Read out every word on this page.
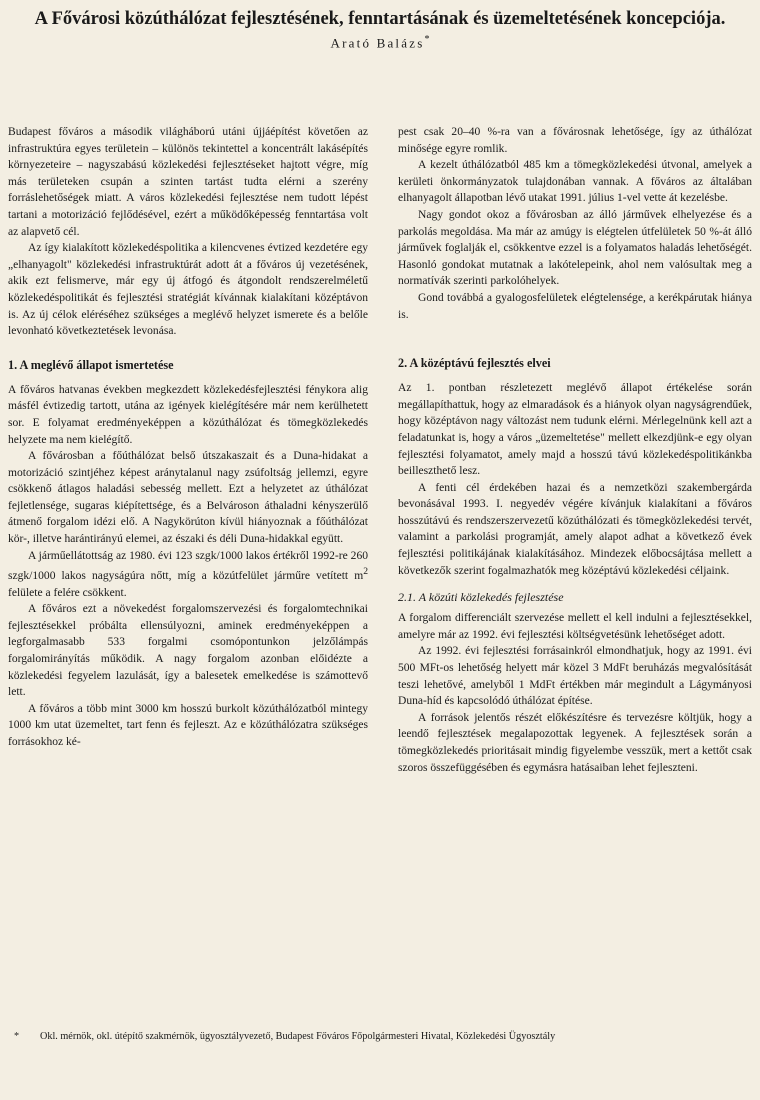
A Fővárosi közúthálózat fejlesztésének, fenntartásának és üzemeltetésének koncepciója.
Arató Balázs*

Budapest főváros a második világháború utáni újjáépítést követően az infrastruktúra egyes területein – különös tekintettel a koncentrált lakásépítés környezeteire – nagyszabású közlekedési fejlesztéseket hajtott végre, míg más területeken csupán a szinten tartást tudta elérni a szerény forráslehetőségek miatt. A város közlekedési fejlesztése nem tudott lépést tartani a motorizáció fejlődésével, ezért a működőképesség fenntartása volt az alapvető cél.

Az így kialakított közlekedéspolitika a kilencvenes évtized kezdetére egy „elhanyagolt" közlekedési infrastruktúrát adott át a főváros új vezetésének, akik ezt felismerve, már egy új átfogó és átgondolt rendszerelméletű közlekedéspolitikát és fejlesztési stratégiát kívánnak kialakítani középtávon is. Az új célok eléréséhez szükséges a meglévő helyzet ismerete és a belőle levonható következtetések levonása.

1. A meglévő állapot ismertetése

A főváros hatvanas években megkezdett közlekedésfejlesztési fénykora alig másfél évtizedig tartott, utána az igények kielégítésére már nem kerülhetett sor. E folyamat eredményeképpen a közúthálózat és tömegközlekedés helyzete ma nem kielégítő.

A fővárosban a főúthálózat belső útszakaszait és a Duna-hidakat a motorizáció szintjéhez képest aránytalanul nagy zsúfoltság jellemzi, egyre csökkenő átlagos haladási sebesség mellett. Ezt a helyzetet az úthálózat fejletlensége, sugaras kiépítettsége, és a Belvároson áthaladni kényszerülő átmenő forgalom idézi elő. A Nagykörúton kívül hiányoznak a főúthálózat kör-, illetve harántirányú elemei, az északi és déli Duna-hidakkal együtt.

A járműellátottság az 1980. évi 123 szgk/1000 lakos értékről 1992-re 260 szgk/1000 lakos nagyságúra nőtt, míg a közútfelület járműre vetített $m^2$ felülete a felére csökkent.

A főváros ezt a növekedést forgalomszervezési és forgalomtechnikai fejlesztésekkel próbálta ellensúlyozni, aminek eredményeképpen a legforgalmasabb 533 forgalmi csomópontunkon jelzőlámpás forgalomirányítás működik. A nagy forgalom azonban előidézte a közlekedési fegyelem lazulását, így a balesetek emelkedése is számottevő lett.

A főváros a több mint 3000 km hosszú burkolt közúthálózatból mintegy 1000 km utat üzemeltet, tart fenn és fejleszt. Az e közúthálózatra szükséges forrásokhoz ké-

pest csak 20–40 %-ra van a fővárosnak lehetősége, így az úthálózat minősége egyre romlik.

A kezelt úthálózatból 485 km a tömegközlekedési útvonal, amelyek a kerületi önkormányzatok tulajdonában vannak. A főváros az általában elhanyagolt állapotban lévő utakat 1991. július 1-vel vette át kezelésbe.

Nagy gondot okoz a fővárosban az álló járművek elhelyezése és a parkolás megoldása. Ma már az amúgy is elégtelen útfelületek 50 %-át álló járművek foglalják el, csökkentve ezzel is a folyamatos haladás lehetőségét. Hasonló gondokat mutatnak a lakótelepeink, ahol nem valósultak meg a normatívák szerinti parkolóhelyek.

Gond továbbá a gyalogosfelületek elégtelensége, a kerékpárutak hiánya is.

2. A középtávú fejlesztés elvei

Az 1. pontban részletezett meglévő állapot értékelése során megállapíthattuk, hogy az elmaradások és a hiányok olyan nagyságrendűek, hogy középtávon nagy változást nem tudunk elérni. Mérlegelnünk kell azt a feladatunkat is, hogy a város „üzemeltetése" mellett elkezdjünk-e egy olyan fejlesztési folyamatot, amely majd a hosszú távú közlekedéspolitikánkba beilleszthető lesz.

A fenti cél érdekében hazai és a nemzetközi szakembergárda bevonásával 1993. I. negyedév végére kívánjuk kialakítani a főváros hosszútávú és rendszerszervezetű közúthálózati és tömegközlekedési tervét, valamint a parkolási programját, amely alapot adhat a következő évek fejlesztési politikájának kialakításához. Mindezek előbocsájtása mellett a következők szerint fogalmazhatók meg középtávú közlekedési céljaink.

2.1. A közúti közlekedés fejlesztése

A forgalom differenciált szervezése mellett el kell indulni a fejlesztésekkel, amelyre már az 1992. évi fejlesztési költségvetésünk lehetőséget adott.

Az 1992. évi fejlesztési forrásainkról elmondhatjuk, hogy az 1991. évi 500 MFt-os lehetőség helyett már közel 3 MdFt beruházás megvalósítását teszi lehetővé, amelyből 1 MdFt értékben már megindult a Lágymányosi Duna-híd és kapcsolódó úthálózat építése.

A források jelentős részét előkészítésre és tervezésre költjük, hogy a leendő fejlesztések megalapozottak legyenek. A fejlesztések során a tömegközlekedés prioritásait mindig figyelembe vesszük, mert a kettőt csak szoros összefüggésében és egymásra hatásaiban lehet fejleszteni.

* Okl. mérnök, okl. útépítő szakmérnök, ügyosztályvezető, Budapest Főváros Főpolgármesteri Hivatal, Közlekedési Ügyosztály
